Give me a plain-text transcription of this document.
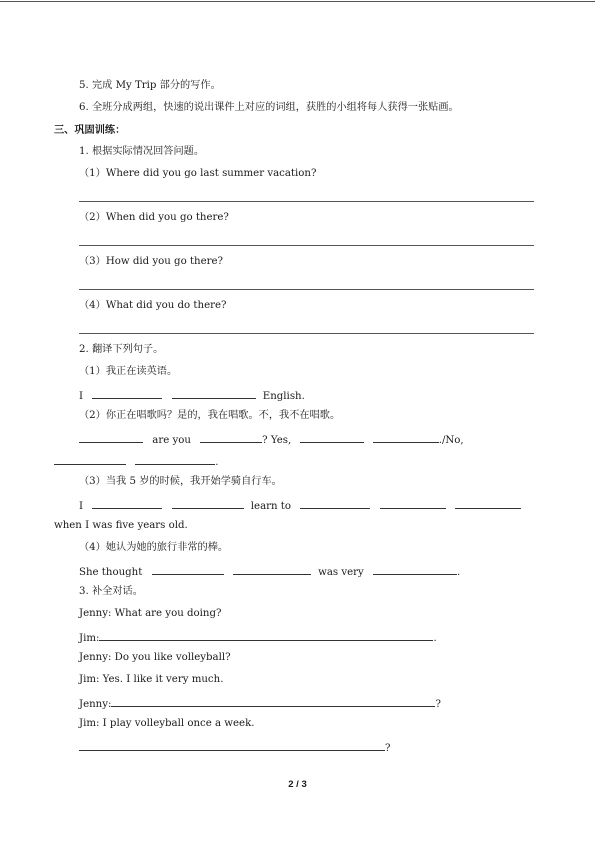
5. 完成 My Trip 部分的写作。
6. 全班分成两组，快速的说出课件上对应的词组，获胜的小组将每人获得一张贴画。
三、巩固训练：
1. 根据实际情况回答问题。
（1）Where did you go last summer vacation?
（2）When did you go there?
（3）How did you go there?
（4）What did you do there?
2. 翻译下列句子。
（1）我正在读英语。
I	English.
（2）你正在唱歌吗？是的，我在唱歌。不，我不在唱歌。
are you	? Yes,	./No,
.
（3）当我 5 岁的时候，我开始学骑自行车。
I	learn to
when I was five years old.
（4）她认为她的旅行非常的棒。
She thought	was very	.
3. 补全对话。
Jenny: What are you doing?
Jim:	.
Jenny: Do you like volleyball?
Jim: Yes. I like it very much.
Jenny:	?
Jim: I play volleyball once a week.
?
2 / 3
